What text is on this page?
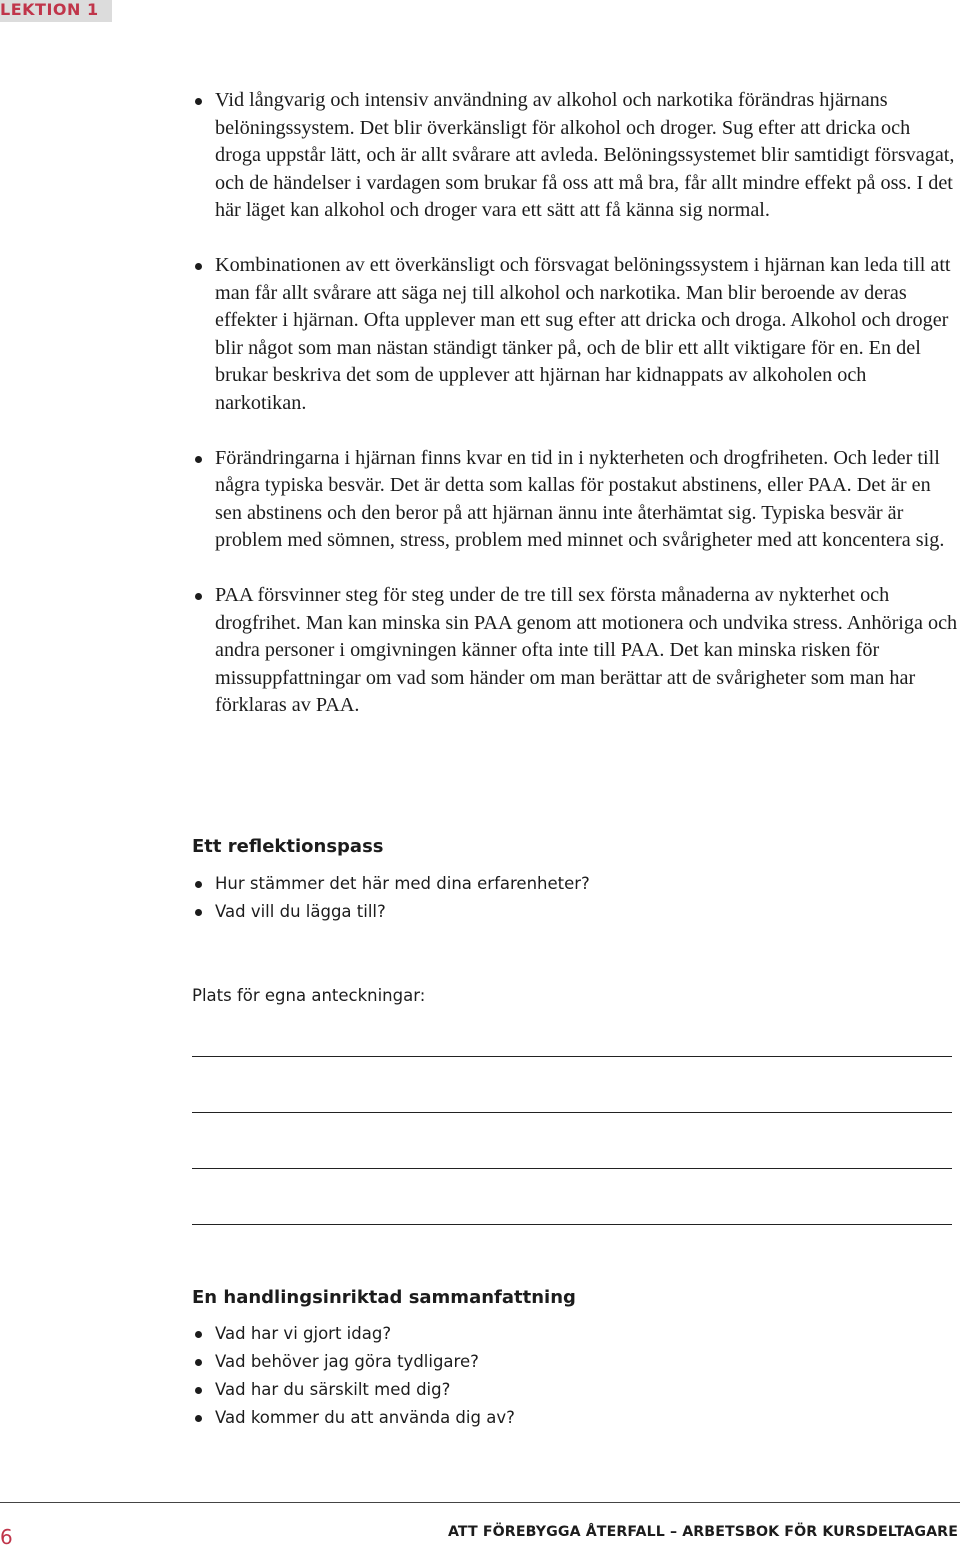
LEKTION 1
Vid långvarig och intensiv användning av alkohol och narkotika förändras hjärnans belöningssystem. Det blir överkänsligt för alkohol och droger. Sug efter att dricka och droga uppstår lätt, och är allt svårare att avleda. Belöningssystemet blir samtidigt försvagat, och de händelser i vardagen som brukar få oss att må bra, får allt mindre effekt på oss. I det här läget kan alkohol och droger vara ett sätt att få känna sig normal.
Kombinationen av ett överkänsligt och försvagat belöningssystem i hjärnan kan leda till att man får allt svårare att säga nej till alkohol och narkotika. Man blir beroende av deras effekter i hjärnan. Ofta upplever man ett sug efter att dricka och droga. Alkohol och droger blir något som man nästan ständigt tänker på, och de blir ett allt viktigare för en. En del brukar beskriva det som de upplever att hjärnan har kidnappats av alkoholen och narkotikan.
Förändringarna i hjärnan finns kvar en tid in i nykterheten och drogfriheten. Och leder till några typiska besvär. Det är detta som kallas för postakut abstinens, eller PAA. Det är en sen abstinens och den beror på att hjärnan ännu inte återhämtat sig. Typiska besvär är problem med sömnen, stress, problem med minnet och svårigheter med att koncentera sig.
PAA försvinner steg för steg under de tre till sex första månaderna av nykterhet och drogfrihet. Man kan minska sin PAA genom att motionera och undvika stress. Anhöriga och andra personer i omgivningen känner ofta inte till PAA. Det kan minska risken för missuppfattningar om vad som händer om man berättar att de svårigheter som man har förklaras av PAA.
Ett reflektionspass
Hur stämmer det här med dina erfarenheter?
Vad vill du lägga till?
Plats för egna anteckningar:
En handlingsinriktad sammanfattning
Vad har vi gjort idag?
Vad behöver jag göra tydligare?
Vad har du särskilt med dig?
Vad kommer du att använda dig av?
6	ATT FÖREBYGGA ÅTERFALL – ARBETSBOK FÖR KURSDELTAGARE
